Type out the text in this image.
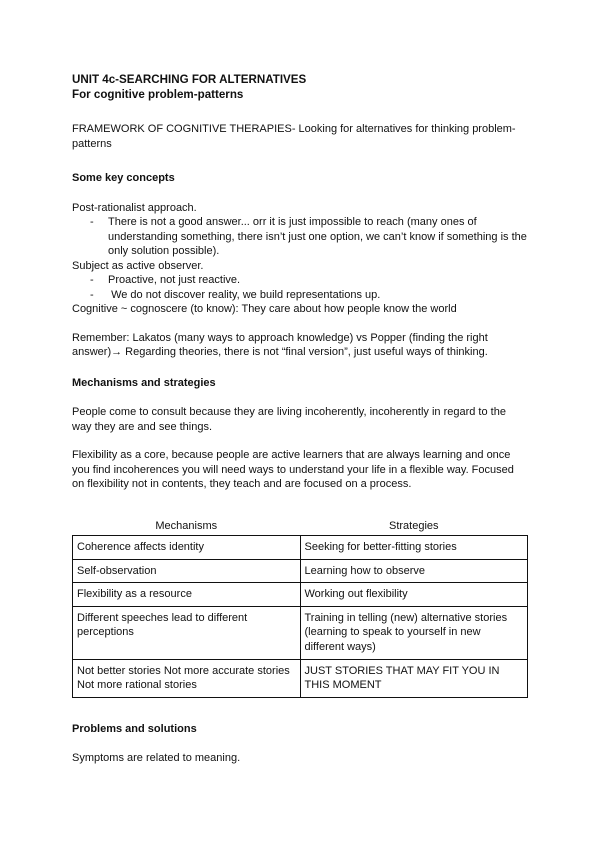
UNIT 4c-SEARCHING FOR ALTERNATIVES
For cognitive problem-patterns

FRAMEWORK OF COGNITIVE THERAPIES- Looking for alternatives for thinking problem-patterns

Some key concepts

Post-rationalist approach.

- There is not a good answer... orr it is just impossible to reach (many ones of understanding something, there isn’t just one option, we can’t know if something is the only solution possible).

Subject as active observer.

- Proactive, not just reactive.
-  We do not discover reality, we build representations up.

Cognitive ~ cognoscere (to know): They care about how people know the world

Remember: Lakatos (many ways to approach knowledge) vs Popper (finding the right answer)→ Regarding theories, there is not “final version”, just useful ways of thinking.

Mechanisms and strategies

People come to consult because they are living incoherently, incoherently in regard to the way they are and see things.

Flexibility as a core, because people are active learners that are always learning and once you find incoherences you will need ways to understand your life in a flexible way. Focused on flexibility not in contents, they teach and are focused on a process.

Mechanisms	Strategies
Coherence affects identity	Seeking for better-fitting stories
Self-observation	Learning how to observe
Flexibility as a resource	Working out flexibility
Different speeches lead to different perceptions	Training in telling (new) alternative stories (learning to speak to yourself in new different ways)
Not better stories Not more accurate stories Not more rational stories	JUST STORIES THAT MAY FIT YOU IN THIS MOMENT

Problems and solutions

Symptoms are related to meaning.
